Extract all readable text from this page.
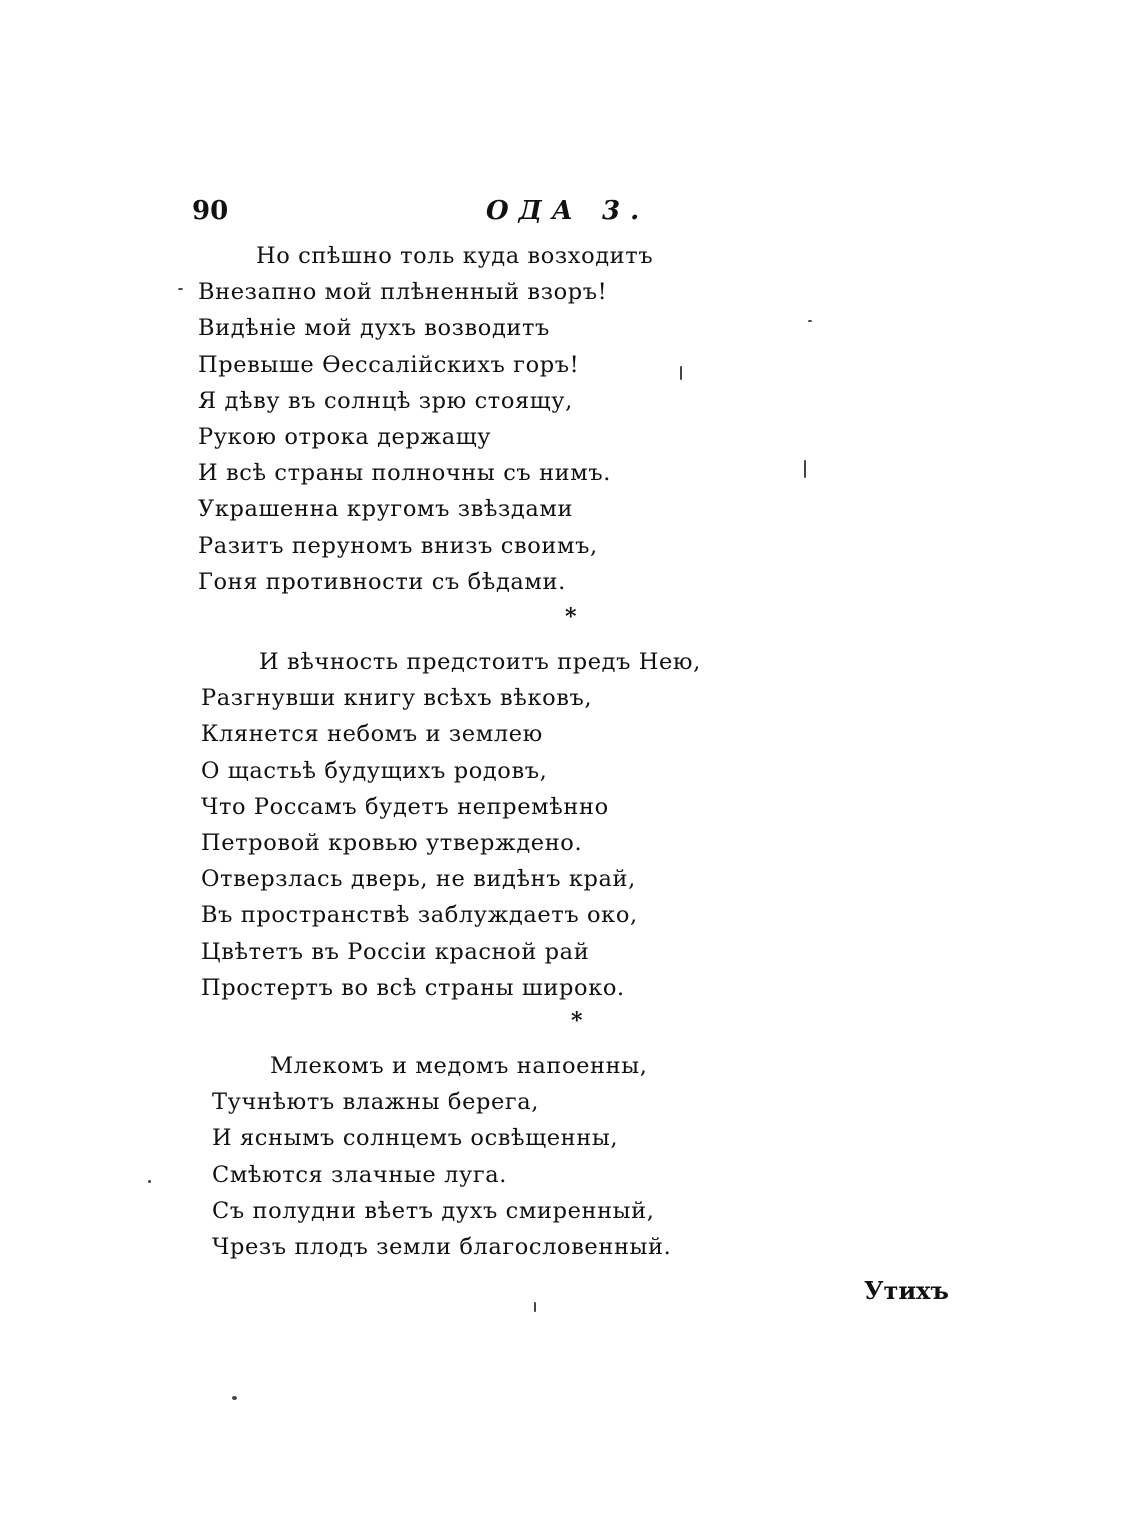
90	ОДА 3.
Но спѣшно толь куда возходитъ
Внезапно мой плѣненный взоръ!
Видѣніе мой духъ возводитъ
Превыше Ѳессалійскихъ горъ!
Я дѣву въ солнцѣ зрю стоящу,
Рукою отрока держащу
И всѣ страны полночны съ нимъ.
Украшенна кругомъ звѣздами
Разитъ перуномъ внизъ своимъ,
Гоня противности съ бѣдами.
*
И вѣчность предстоитъ предъ Нею,
Разгнувши книгу всѣхъ вѣковъ,
Клянется небомъ и землею
О щастьѣ будущихъ родовъ,
Что Россамъ будетъ непремѣнно
Петровой кровью утверждено.
Отверзлась дверь, не видѣнъ край,
Въ пространствѣ заблуждаетъ око,
Цвѣтетъ въ Россіи красной рай
Простертъ во всѣ страны широко.
*
Млекомъ и медомъ напоенны,
Тучнѣютъ влажны берега,
И яснымъ солнцемъ освѣщенны,
Смѣются злачные луга.
Съ полудни вѣетъ духъ смиренный,
Чрезъ плодъ земли благословенный.
Утихъ
